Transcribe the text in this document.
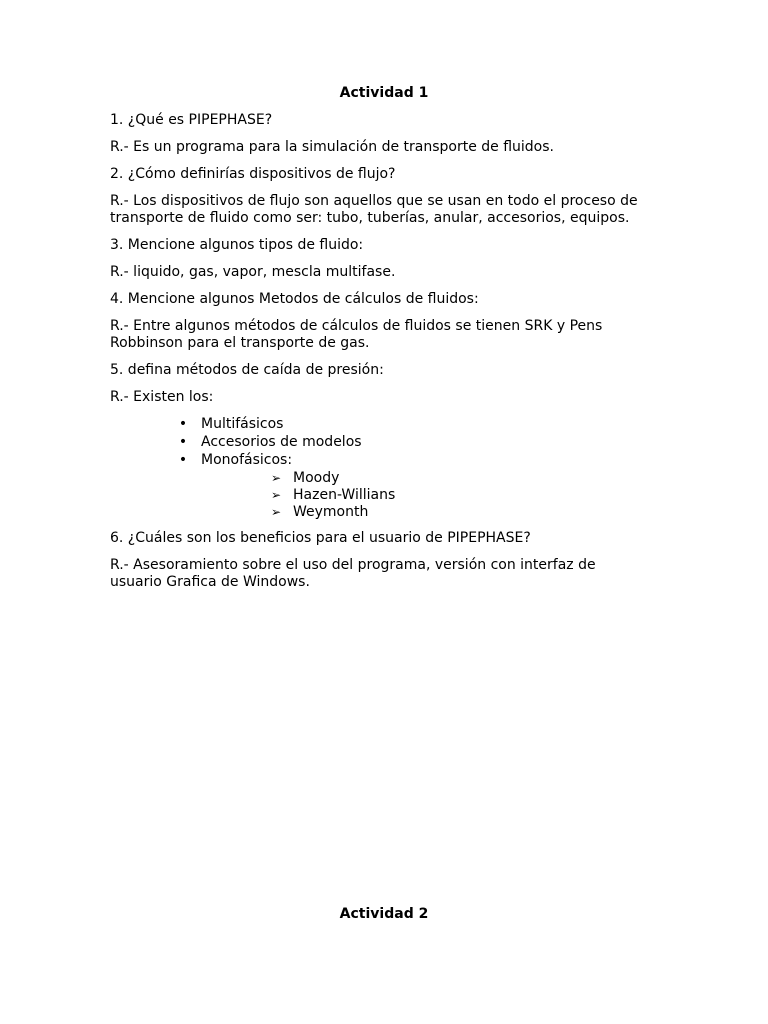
Actividad 1

1. ¿Qué es PIPEPHASE?

R.- Es un programa para la simulación de transporte de fluidos.

2. ¿Cómo definirías dispositivos de flujo?

R.- Los dispositivos de flujo son aquellos que se usan en todo el proceso de transporte de fluido como ser: tubo, tuberías, anular, accesorios, equipos.

3. Mencione algunos tipos de fluido:

R.- liquido, gas, vapor, mescla multifase.

4. Mencione algunos Metodos de cálculos de fluidos:

R.- Entre algunos métodos de cálculos de fluidos se tienen SRK y Pens Robbinson para el transporte de gas.

5. defina métodos de caída de presión:

R.- Existen los:

• Multifásicos
• Accesorios de modelos
• Monofásicos:
➢ Moody
➢ Hazen-Willians
➢ Weymonth

6. ¿Cuáles son los beneficios para el usuario de PIPEPHASE?

R.- Asesoramiento sobre el uso del programa, versión con interfaz de usuario Grafica de Windows.

Actividad 2
